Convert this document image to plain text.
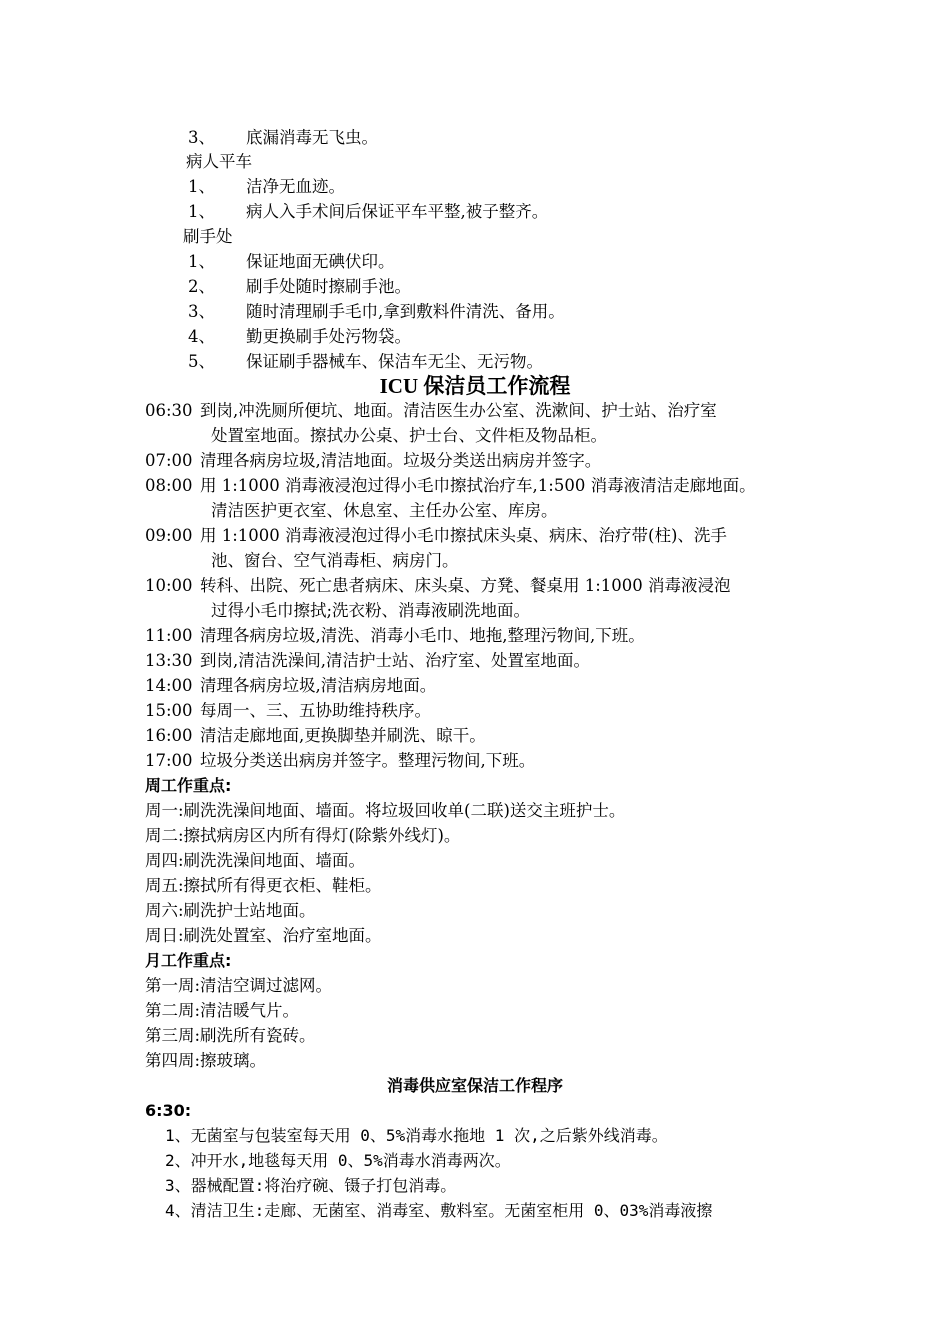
3、 底漏消毒无飞虫。
病人平车
1、 洁净无血迹。
1、 病人入手术间后保证平车平整,被子整齐。
刷手处
1、 保证地面无碘伏印。
2、 刷手处随时擦刷手池。
3、 随时清理刷手毛巾,拿到敷料件清洗、备用。
4、 勤更换刷手处污物袋。
5、 保证刷手器械车、保洁车无尘、无污物。
ICU 保洁员工作流程
06:30 到岗,冲洗厕所便坑、地面。清洁医生办公室、洗漱间、护士站、治疗室
处置室地面。擦拭办公桌、护士台、文件柜及物品柜。
07:00 清理各病房垃圾,清洁地面。垃圾分类送出病房并签字。
08:00 用 1:1000 消毒液浸泡过得小毛巾擦拭治疗车,1:500 消毒液清洁走廊地面。
清洁医护更衣室、休息室、主任办公室、库房。
09:00 用 1:1000 消毒液浸泡过得小毛巾擦拭床头桌、病床、治疗带(柱)、洗手
池、窗台、空气消毒柜、病房门。
10:00 转科、出院、死亡患者病床、床头桌、方凳、餐桌用 1:1000 消毒液浸泡
过得小毛巾擦拭;洗衣粉、消毒液刷洗地面。
11:00 清理各病房垃圾,清洗、消毒小毛巾、地拖,整理污物间,下班。
13:30 到岗,清洁洗澡间,清洁护士站、治疗室、处置室地面。
14:00 清理各病房垃圾,清洁病房地面。
15:00 每周一、三、五协助维持秩序。
16:00 清洁走廊地面,更换脚垫并刷洗、晾干。
17:00 垃圾分类送出病房并签字。整理污物间,下班。
周工作重点:
周一:刷洗洗澡间地面、墙面。将垃圾回收单(二联)送交主班护士。
周二:擦拭病房区内所有得灯(除紫外线灯)。
周四:刷洗洗澡间地面、墙面。
周五:擦拭所有得更衣柜、鞋柜。
周六:刷洗护士站地面。
周日:刷洗处置室、治疗室地面。
月工作重点:
第一周:清洁空调过滤网。
第二周:清洁暖气片。
第三周:刷洗所有瓷砖。
第四周:擦玻璃。
消毒供应室保洁工作程序
6:30:
1、无菌室与包装室每天用 0、5%消毒水拖地 1 次,之后紫外线消毒。
2、冲开水,地毯每天用 0、5%消毒水消毒两次。
3、器械配置:将治疗碗、镊子打包消毒。
4、清洁卫生:走廊、无菌室、消毒室、敷料室。无菌室柜用 0、03%消毒液擦
